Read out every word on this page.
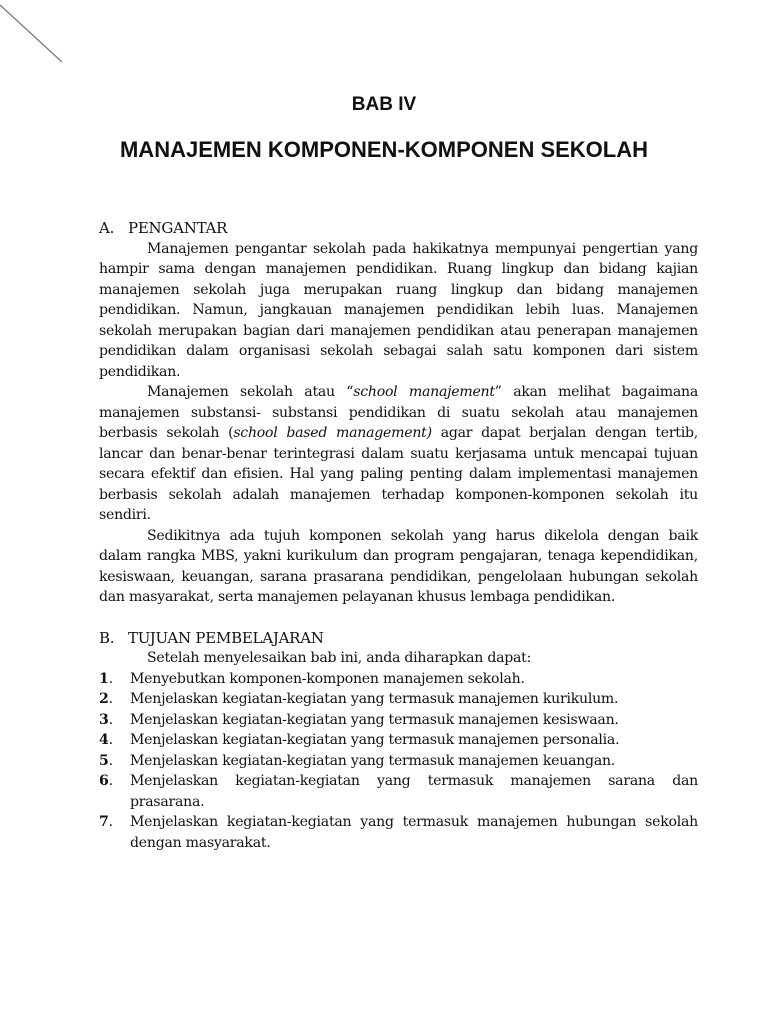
BAB IV
MANAJEMEN KOMPONEN-KOMPONEN SEKOLAH
A. PENGANTAR

Manajemen pengantar sekolah pada hakikatnya mempunyai pengertian yang hampir sama dengan manajemen pendidikan. Ruang lingkup dan bidang kajian manajemen sekolah juga merupakan ruang lingkup dan bidang manajemen pendidikan. Namun, jangkauan manajemen pendidikan lebih luas. Manajemen sekolah merupakan bagian dari manajemen pendidikan atau penerapan manajemen pendidikan dalam organisasi sekolah sebagai salah satu komponen dari sistem pendidikan.

Manajemen sekolah atau “school manajement” akan melihat bagaimana manajemen substansi- substansi pendidikan di suatu sekolah atau manajemen berbasis sekolah (school based management) agar dapat berjalan dengan tertib, lancar dan benar-benar terintegrasi dalam suatu kerjasama untuk mencapai tujuan secara efektif dan efisien. Hal yang paling penting dalam implementasi manajemen berbasis sekolah adalah manajemen terhadap komponen-komponen sekolah itu sendiri.

Sedikitnya ada tujuh komponen sekolah yang harus dikelola dengan baik dalam rangka MBS, yakni kurikulum dan program pengajaran, tenaga kependidikan, kesiswaan, keuangan, sarana prasarana pendidikan, pengelolaan hubungan sekolah dan masyarakat, serta manajemen pelayanan khusus lembaga pendidikan.

B. TUJUAN PEMBELAJARAN
Setelah menyelesaikan bab ini, anda diharapkan dapat:
1.	Menyebutkan komponen-komponen manajemen sekolah.
2.	Menjelaskan kegiatan-kegiatan yang termasuk manajemen kurikulum.
3.	Menjelaskan kegiatan-kegiatan yang termasuk manajemen kesiswaan.
4.	Menjelaskan kegiatan-kegiatan yang termasuk manajemen personalia.
5.	Menjelaskan kegiatan-kegiatan yang termasuk manajemen keuangan.
6.	Menjelaskan kegiatan-kegiatan yang termasuk manajemen sarana dan prasarana.
7.	Menjelaskan kegiatan-kegiatan yang termasuk manajemen hubungan sekolah dengan masyarakat.
